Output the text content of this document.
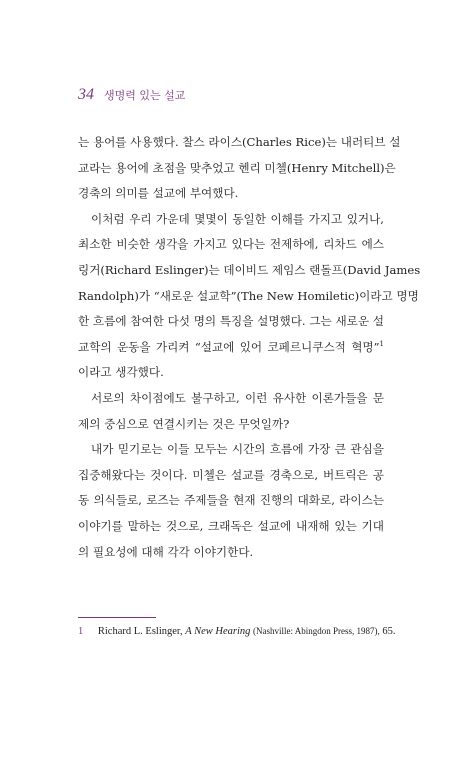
34 생명력 있는 설교

는 용어를 사용했다. 찰스 라이스(Charles Rice)는 내러티브 설
교라는 용어에 초점을 맞추었고 헨리 미첼(Henry Mitchell)은
경축의 의미를 설교에 부여했다.

이처럼 우리 가운데 몇몇이 동일한 이해를 가지고 있거나,
최소한 비슷한 생각을 가지고 있다는 전제하에, 리차드 에스
링거(Richard Eslinger)는 데이비드 제임스 랜돌프(David James
Randolph)가 “새로운 설교학”(The New Homiletic)이라고 명명
한 흐름에 참여한 다섯 명의 특징을 설명했다. 그는 새로운 설
교학의 운동을 가리켜 “설교에 있어 코페르니쿠스적 혁명”$^1$
이라고 생각했다.

서로의 차이점에도 불구하고, 이런 유사한 이론가들을 문
제의 중심으로 연결시키는 것은 무엇일까?

내가 믿기로는 이들 모두는 시간의 흐름에 가장 큰 관심을
집중해왔다는 것이다. 미첼은 설교를 경축으로, 버트릭은 공
동 의식들로, 로즈는 주제들을 현재 진행의 대화로, 라이스는
이야기를 말하는 것으로, 크래독은 설교에 내재해 있는 기대
의 필요성에 대해 각각 이야기한다.

1 Richard L. Eslinger, A New Hearing (Nashville: Abingdon Press, 1987), 65.
